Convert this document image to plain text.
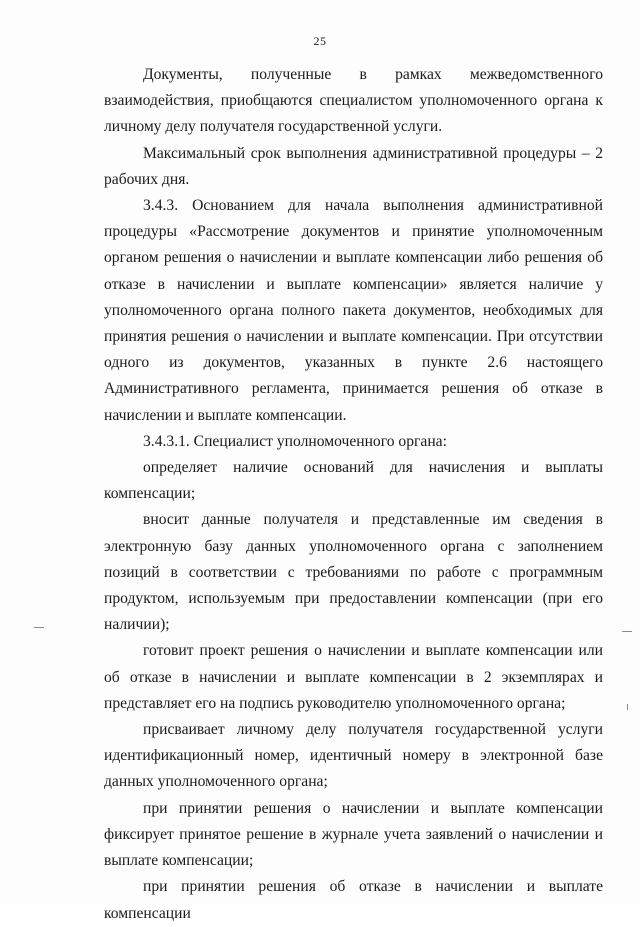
25

Документы, полученные в рамках межведомственного взаимодействия, приобщаются специалистом уполномоченного органа к личному делу получателя государственной услуги.

Максимальный срок выполнения административной процедуры – 2 рабочих дня.

3.4.3. Основанием для начала выполнения административной процедуры «Рассмотрение документов и принятие уполномоченным органом решения о начислении и выплате компенсации либо решения об отказе в начислении и выплате компенсации» является наличие у уполномоченного органа полного пакета документов, необходимых для принятия решения о начислении и выплате компенсации. При отсутствии одного из документов, указанных в пункте 2.6 настоящего Административного регламента, принимается решения об отказе в начислении и выплате компенсации.

3.4.3.1. Специалист уполномоченного органа:

определяет наличие оснований для начисления и выплаты компенсации;

вносит данные получателя и представленные им сведения в электронную базу данных уполномоченного органа с заполнением позиций в соответствии с требованиями по работе с программным продуктом, используемым при предоставлении компенсации (при его наличии);

готовит проект решения о начислении и выплате компенсации или об отказе в начислении и выплате компенсации в 2 экземплярах и представляет его на подпись руководителю уполномоченного органа;

присваивает личному делу получателя государственной услуги идентификационный номер, идентичный номеру в электронной базе данных уполномоченного органа;

при принятии решения о начислении и выплате компенсации фиксирует принятое решение в журнале учета заявлений о начислении и выплате компенсации;

при принятии решения об отказе в начислении и выплате компенсации
